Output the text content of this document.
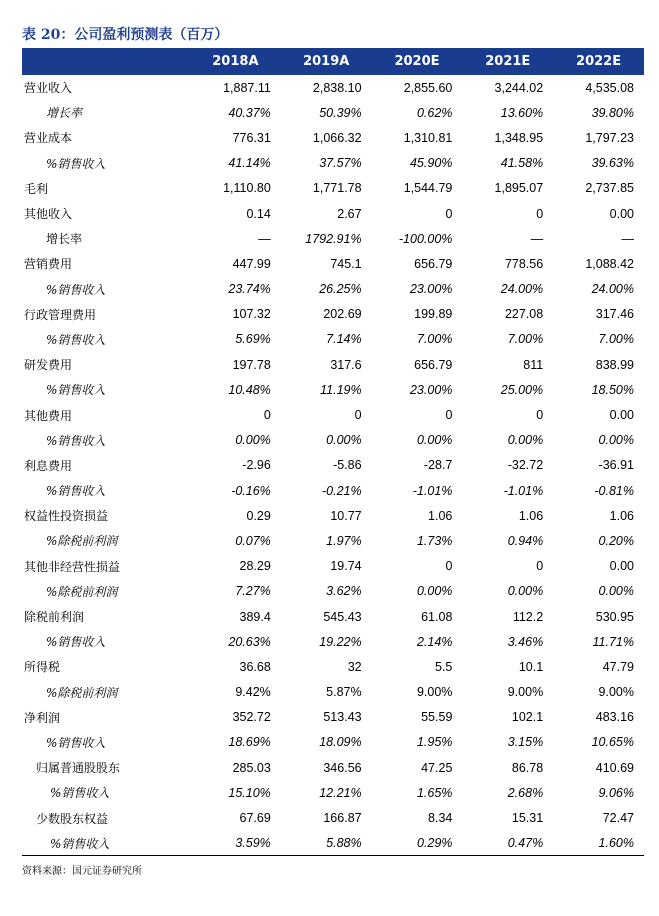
表 20：公司盈利预测表（百万）
2018A	2019A	2020E	2021E	2022E
营业收入	1,887.11	2,838.10	2,855.60	3,244.02	4,535.08
增长率	40.37%	50.39%	0.62%	13.60%	39.80%
营业成本	776.31	1,066.32	1,310.81	1,348.95	1,797.23
%销售收入	41.14%	37.57%	45.90%	41.58%	39.63%
毛利	1,110.80	1,771.78	1,544.79	1,895.07	2,737.85
其他收入	0.14	2.67	0	0	0.00
增长率	—	1792.91%	-100.00%	—	—
营销费用	447.99	745.1	656.79	778.56	1,088.42
%销售收入	23.74%	26.25%	23.00%	24.00%	24.00%
行政管理费用	107.32	202.69	199.89	227.08	317.46
%销售收入	5.69%	7.14%	7.00%	7.00%	7.00%
研发费用	197.78	317.6	656.79	811	838.99
%销售收入	10.48%	11.19%	23.00%	25.00%	18.50%
其他费用	0	0	0	0	0.00
%销售收入	0.00%	0.00%	0.00%	0.00%	0.00%
利息费用	-2.96	-5.86	-28.7	-32.72	-36.91
%销售收入	-0.16%	-0.21%	-1.01%	-1.01%	-0.81%
权益性投资损益	0.29	10.77	1.06	1.06	1.06
%除税前利润	0.07%	1.97%	1.73%	0.94%	0.20%
其他非经营性损益	28.29	19.74	0	0	0.00
%除税前利润	7.27%	3.62%	0.00%	0.00%	0.00%
除税前利润	389.4	545.43	61.08	112.2	530.95
%销售收入	20.63%	19.22%	2.14%	3.46%	11.71%
所得税	36.68	32	5.5	10.1	47.79
%除税前利润	9.42%	5.87%	9.00%	9.00%	9.00%
净利润	352.72	513.43	55.59	102.1	483.16
%销售收入	18.69%	18.09%	1.95%	3.15%	10.65%
归属普通股股东	285.03	346.56	47.25	86.78	410.69
%销售收入	15.10%	12.21%	1.65%	2.68%	9.06%
少数股东权益	67.69	166.87	8.34	15.31	72.47
%销售收入	3.59%	5.88%	0.29%	0.47%	1.60%
资料来源：国元证券研究所
